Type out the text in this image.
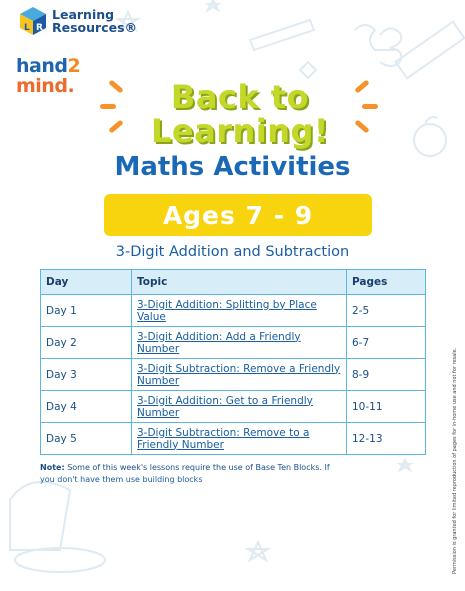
L R
Learning
Resources®
hand2
mind.	Back to
Learning!
Maths Activities
Ages 7 - 9
3-Digit Addition and Subtraction
Day	Topic	Pages
Day 1	3-Digit Addition: Splitting by Place Value	2-5
Day 2	3-Digit Addition: Add a Friendly Number	6-7
Day 3	3-Digit Subtraction: Remove a Friendly Number	8-9
Day 4	3-Digit Addition: Get to a Friendly Number	10-11
Day 5	3-Digit Subtraction: Remove to a Friendly Number	12-13
Note: Some of this week's lessons require the use of Base Ten Blocks. If you don't have them use building blocks	Permission is granted for limited reproduction of pages for in-home use and not for resale.
